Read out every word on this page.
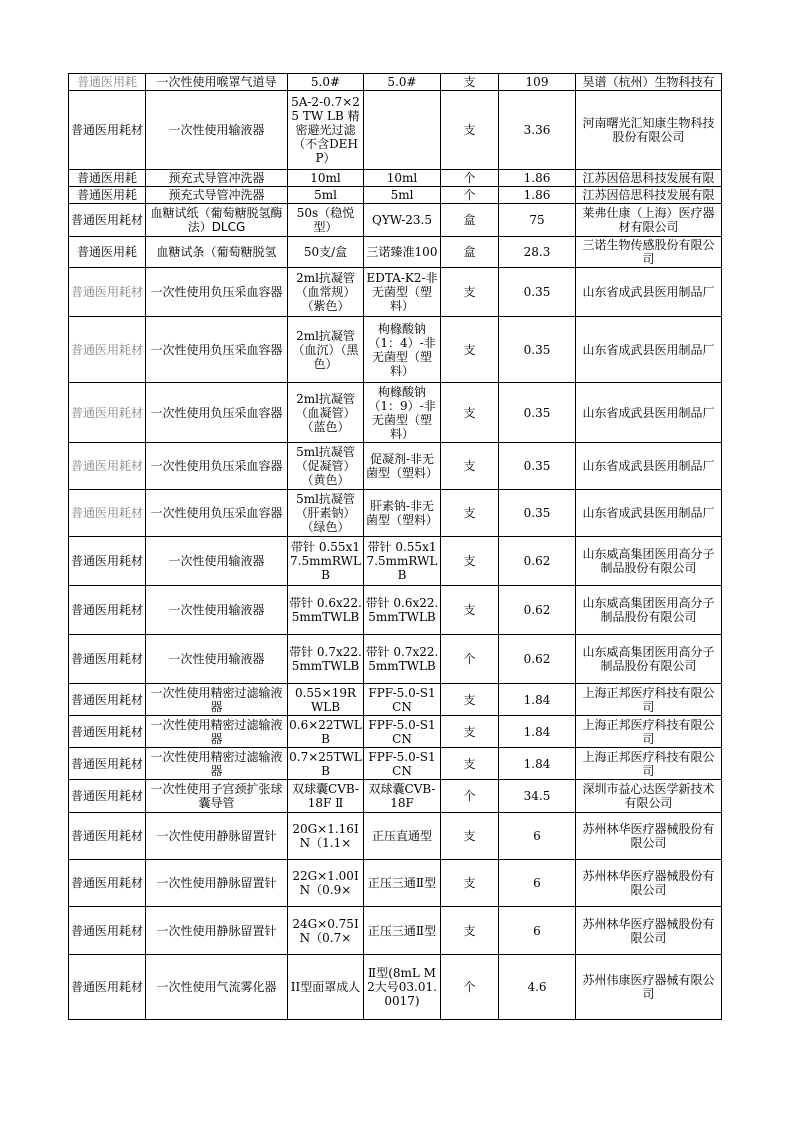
普通医用耗	一次性使用喉罩气道导	5.0#	5.0#	支	109	昊谱（杭州）生物科技有

普通医用耗材	一次性使用输液器	5A-2-0.7×25 TW LB 精密避光过滤（不含DEHP）		支	3.36	河南曙光汇知康生物科技股份有限公司

普通医用耗	预充式导管冲洗器	10ml	10ml	个	1.86	江苏因倍思科技发展有限

普通医用耗	预充式导管冲洗器	5ml	5ml	个	1.86	江苏因倍思科技发展有限

普通医用耗材	血糖试纸（葡萄糖脱氢酶法）DLCG	50s（稳悦型）	QYW-23.5	盒	75	莱弗仕康（上海）医疗器材有限公司

普通医用耗	血糖试条（葡萄糖脱氢	50支/盒	三诺臻准100	盒	28.3	三诺生物传感股份有限公司

普通医用耗材	一次性使用负压采血容器	2ml抗凝管（血常规）（紫色）	EDTA-K2-非无菌型（塑料）	支	0.35	山东省成武县医用制品厂

普通医用耗材	一次性使用负压采血容器	2ml抗凝管（血沉）（黑色）	枸橼酸钠（1：4）-非无菌型（塑料）	支	0.35	山东省成武县医用制品厂

普通医用耗材	一次性使用负压采血容器	2ml抗凝管（血凝管）（蓝色）	枸橼酸钠（1：9）-非无菌型（塑料）	支	0.35	山东省成武县医用制品厂

普通医用耗材	一次性使用负压采血容器	5ml抗凝管（促凝管）（黄色）	促凝剂-非无菌型（塑料）	支	0.35	山东省成武县医用制品厂

普通医用耗材	一次性使用负压采血容器	5ml抗凝管（肝素钠）（绿色）	肝素钠-非无菌型（塑料）	支	0.35	山东省成武县医用制品厂

普通医用耗材	一次性使用输液器	带针 0.55x17.5mmRWLB	带针 0.55x17.5mmRWLB	支	0.62	山东威高集团医用高分子制品股份有限公司

普通医用耗材	一次性使用输液器	带针 0.6x22.5mmTWLB	带针 0.6x22.5mmTWLB	支	0.62	山东威高集团医用高分子制品股份有限公司

普通医用耗材	一次性使用输液器	带针 0.7x22.5mmTWLB	带针 0.7x22.5mmTWLB	个	0.62	山东威高集团医用高分子制品股份有限公司

普通医用耗材	一次性使用精密过滤输液器	0.55×19RWLB	FPF-5.0-S1CN	支	1.84	上海正邦医疗科技有限公司

普通医用耗材	一次性使用精密过滤输液器	0.6×22TWLB	FPF-5.0-S1CN	支	1.84	上海正邦医疗科技有限公司

普通医用耗材	一次性使用精密过滤输液器	0.7×25TWLB	FPF-5.0-S1CN	支	1.84	上海正邦医疗科技有限公司

普通医用耗材	一次性使用子宫颈扩张球囊导管	双球囊CVB-18F Ⅱ	双球囊CVB-18F	个	34.5	深圳市益心达医学新技术有限公司

普通医用耗材	一次性使用静脉留置针	20G×1.16IN（1.1×	正压直通型	支	6	苏州林华医疗器械股份有限公司

普通医用耗材	一次性使用静脉留置针	22G×1.00IN（0.9×	正压三通Ⅱ型	支	6	苏州林华医疗器械股份有限公司

普通医用耗材	一次性使用静脉留置针	24G×0.75IN（0.7×	正压三通Ⅱ型	支	6	苏州林华医疗器械股份有限公司

普通医用耗材	一次性使用气流雾化器	II型面罩成人	Ⅱ型(8mL M2大号03.01.0017)	个	4.6	苏州伟康医疗器械有限公司
